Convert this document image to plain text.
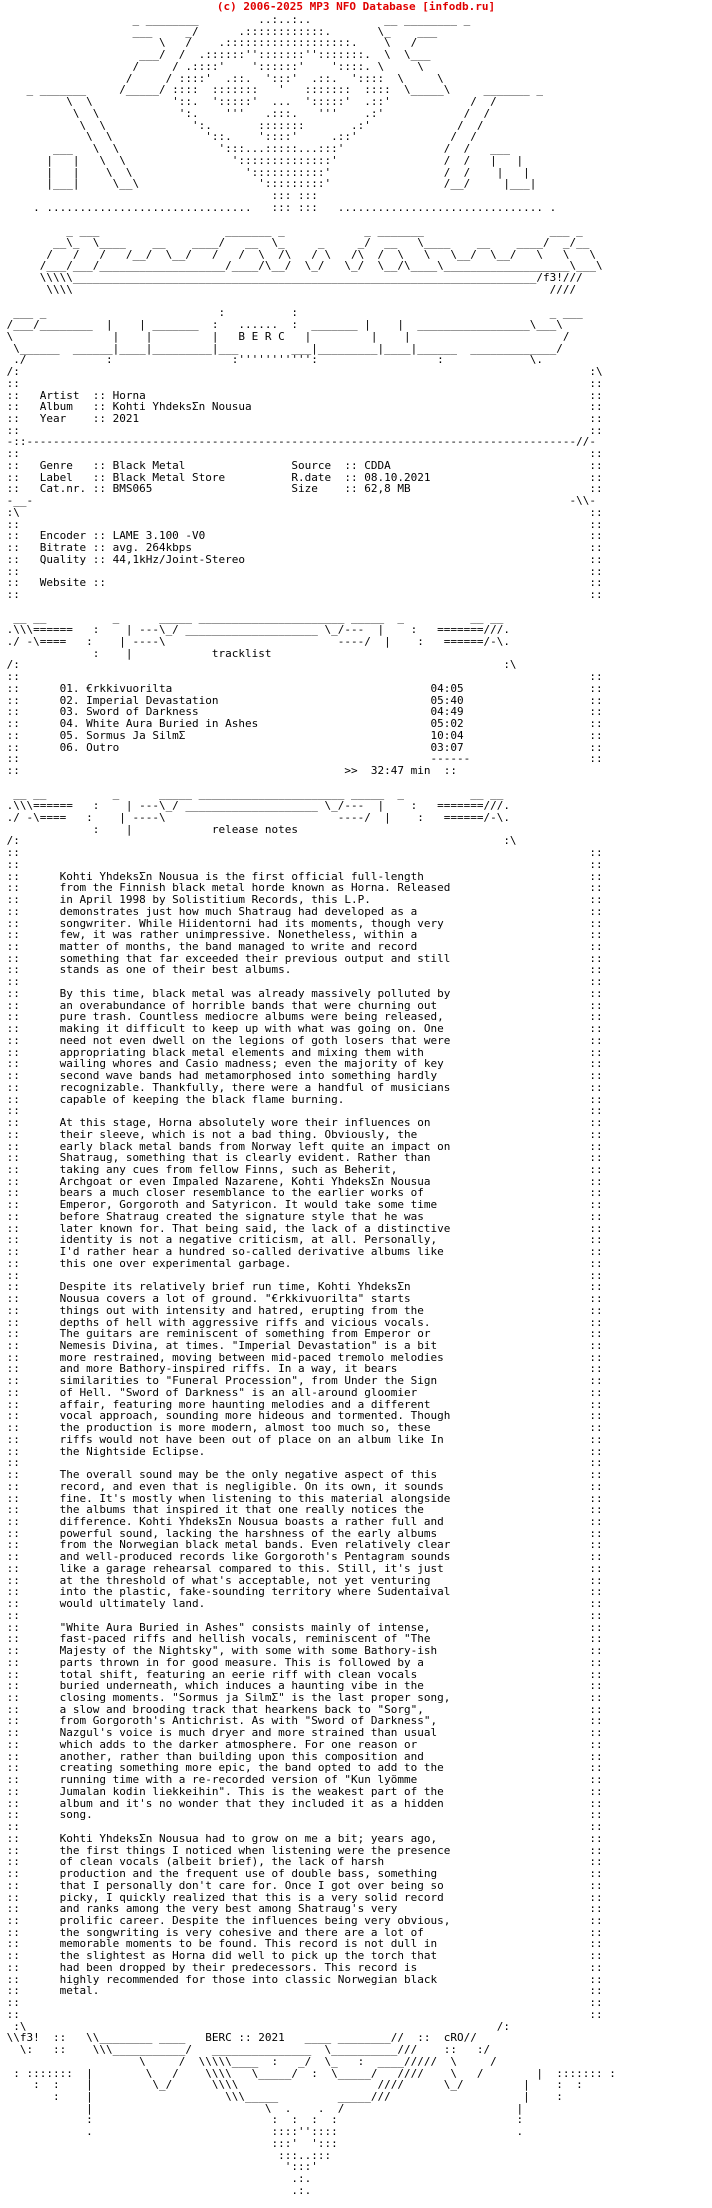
(c) 2006-2025 MP3 NFO Database [infodb.ru]
_ ________         ..:..:..           __ ________ _
___     _/      .::::::::::::.       \_    ___
\   /    .:::::::::::::::::::.    \   /
___/  /  .::::::'':::::::'':::::::.  \  \___
/     / .::::'    '::::::'    '::::. \     \
/     / ::::'  .::.  ':::'  .::.  '::::  \     \
_ _______     /_____/ ::::  :::::::   '   :::::::  ::::  \_____\     _______ _
\  \            '::.  ':::::'  ...  ':::::'  .::'            /  /
\  \            ':.    '''   .:::.   '''    .:'            /  /
\  \             ':.       :::::::       .:'             /  /
\  \              '::.    '::::'     .::'              /  /
___   \  \               ':::...:::::...:::'               /  /   ___
|   |   \  \                '::::::::::::::'                /  /   |   |
|   |    \  \                 ':::::::::::'                 /  /    |   |
|___|     \__\                  ':::::::::'                 /__/     |___|
::: :::
. ...............................   ::: :::   ............................... .

_ ___                   _______ _            _ _______                   ___ _
__\_  \____    __    ____/   __  \_     _     _/  __   \____    __    ____/  _/__
/   /   /   /__/  \__/   /   /  \  /\   / \   /\  /  \   \   \__/  \__/   \   \   \
/___/___/___________________/____/\__/  \_/   \_/  \__/\____\___________________\___\
\\\\\______________________________________________________________________/f3!///
\\\\                                                                        ////

___ _                          :          :                                      _ ___
/___/________  |    | _______  :   ......  :  _______ |    |  _________________\___\
\               |    |         |   B E R C   |         |    |                       /
\______  ______|____|_________|___        ___|_________|____|______  _____________/
./            :                  :''''''''''':                  :             \.
/:                                                                                      :\
::                                                                                      ::
::   Artist  :: Horna                                                                   ::
::   Album   :: Kohti YhdeksΣn Nousua                                                   ::
::   Year    :: 2021                                                                    ::
::                                                                                      ::
-::-----------------------------------------------------------------------------------//-
::                                                                                      ::
::   Genre   :: Black Metal                Source  :: CDDA                              ::
::   Label   :: Black Metal Store          R.date  :: 08.10.2021                        ::
::   Cat.nr. :: BMS065                     Size    :: 62,8 MB                           ::
-__-                                                                                 -\\-
:\                                                                                      ::
::                                                                                      ::
::   Encoder :: LAME 3.100 -V0                                                          ::
::   Bitrate :: avg. 264kbps                                                            ::
::   Quality :: 44,1kHz/Joint-Stereo                                                    ::
::                                                                                      ::
::   Website ::                                                                         ::
::                                                                                      ::

__ __          _      _____ ______________________ _____  _          __ __
.\\\======   :    | ---\_/ ____________________ \_/---  |    :   =======///.
./ -\====   :    | ----\                          ----/  |    :   ======/-\.
:    |            tracklist
/:                                                                         :\
::                                                                                      ::
::      01. €rkkivuorilta                                       04:05                   ::
::      02. Imperial Devastation                                05:40                   ::
::      03. Sword of Darkness                                   04:49                   ::
::      04. White Aura Buried in Ashes                          05:02                   ::
::      05. Sormus Ja SilmΣ                                     10:04                   ::
::      06. Outro                                               03:07                   ::
::                                                              ------                  ::
::                                                 >>  32:47 min  ::

__ __          _      _____ ______________________ _____  _          __ __
.\\\======   :    | ---\_/ ____________________ \_/---  |    :   =======///.
./ -\====   :    | ----\                          ----/  |    :   ======/-\.
:    |            release notes
/:                                                                         :\
::                                                                                      ::
::                                                                                      ::
::      Kohti YhdeksΣn Nousua is the first official full-length                         ::
::      from the Finnish black metal horde known as Horna. Released                     ::
::      in April 1998 by Solistitium Records, this L.P.                                 ::
::      demonstrates just how much Shatraug had developed as a                          ::
::      songwriter. While Hiidentorni had its moments, though very                      ::
::      few, it was rather unimpressive. Nonetheless, within a                          ::
::      matter of months, the band managed to write and record                          ::
::      something that far exceeded their previous output and still                     ::
::      stands as one of their best albums.                                             ::
::                                                                                      ::
::      By this time, black metal was already massively polluted by                     ::
::      an overabundance of horrible bands that were churning out                       ::
::      pure trash. Countless mediocre albums were being released,                      ::
::      making it difficult to keep up with what was going on. One                      ::
::      need not even dwell on the legions of goth losers that were                     ::
::      appropriating black metal elements and mixing them with                         ::
::      wailing whores and Casio madness; even the majority of key                      ::
::      second wave bands had metamorphosed into something hardly                       ::
::      recognizable. Thankfully, there were a handful of musicians                     ::
::      capable of keeping the black flame burning.                                     ::
::                                                                                      ::
::      At this stage, Horna absolutely wore their influences on                        ::
::      their sleeve, which is not a bad thing. Obviously, the                          ::
::      early black metal bands from Norway left quite an impact on                     ::
::      Shatraug, something that is clearly evident. Rather than                        ::
::      taking any cues from fellow Finns, such as Beherit,                             ::
::      Archgoat or even Impaled Nazarene, Kohti YhdeksΣn Nousua                        ::
::      bears a much closer resemblance to the earlier works of                         ::
::      Emperor, Gorgoroth and Satyricon. It would take some time                       ::
::      before Shatraug created the signature style that he was                         ::
::      later known for. That being said, the lack of a distinctive                     ::
::      identity is not a negative criticism, at all. Personally,                       ::
::      I'd rather hear a hundred so-called derivative albums like                      ::
::      this one over experimental garbage.                                             ::
::                                                                                      ::
::      Despite its relatively brief run time, Kohti YhdeksΣn                           ::
::      Nousua covers a lot of ground. "€rkkivuorilta" starts                           ::
::      things out with intensity and hatred, erupting from the                         ::
::      depths of hell with aggressive riffs and vicious vocals.                        ::
::      The guitars are reminiscent of something from Emperor or                        ::
::      Nemesis Divina, at times. "Imperial Devastation" is a bit                       ::
::      more restrained, moving between mid-paced tremolo melodies                      ::
::      and more Bathory-inspired riffs. In a way, it bears                             ::
::      similarities to "Funeral Procession", from Under the Sign                       ::
::      of Hell. "Sword of Darkness" is an all-around gloomier                          ::
::      affair, featuring more haunting melodies and a different                        ::
::      vocal approach, sounding more hideous and tormented. Though                     ::
::      the production is more modern, almost too much so, these                        ::
::      riffs would not have been out of place on an album like In                      ::
::      the Nightside Eclipse.                                                          ::
::                                                                                      ::
::      The overall sound may be the only negative aspect of this                       ::
::      record, and even that is negligible. On its own, it sounds                      ::
::      fine. It's mostly when listening to this material alongside                     ::
::      the albums that inspired it that one really notices the                         ::
::      difference. Kohti YhdeksΣn Nousua boasts a rather full and                      ::
::      powerful sound, lacking the harshness of the early albums                       ::
::      from the Norwegian black metal bands. Even relatively clear                     ::
::      and well-produced records like Gorgoroth's Pentagram sounds                     ::
::      like a garage rehearsal compared to this. Still, it's just                      ::
::      at the threshold of what's acceptable, not yet venturing                        ::
::      into the plastic, fake-sounding territory where Sudentaival                     ::
::      would ultimately land.                                                          ::
::                                                                                      ::
::      "White Aura Buried in Ashes" consists mainly of intense,                        ::
::      fast-paced riffs and hellish vocals, reminiscent of "The                        ::
::      Majesty of the Nightsky", with some with some Bathory-ish                       ::
::      parts thrown in for good measure. This is followed by a                         ::
::      total shift, featuring an eerie riff with clean vocals                          ::
::      buried underneath, which induces a haunting vibe in the                         ::
::      closing moments. "Sormus ja SilmΣ" is the last proper song,                     ::
::      a slow and brooding track that hearkens back to "Sorg",                         ::
::      from Gorgoroth's Antichrist. As with "Sword of Darkness",                       ::
::      Nazgul's voice is much dryer and more strained than usual                       ::
::      which adds to the darker atmosphere. For one reason or                          ::
::      another, rather than building upon this composition and                         ::
::      creating something more epic, the band opted to add to the                      ::
::      running time with a re-recorded version of "Kun lyömme                          ::
::      Jumalan kodin liekkeihin". This is the weakest part of the                      ::
::      album and it's no wonder that they included it as a hidden                      ::
::      song.                                                                           ::
::                                                                                      ::
::      Kohti YhdeksΣn Nousua had to grow on me a bit; years ago,                       ::
::      the first things I noticed when listening were the presence                     ::
::      of clean vocals (albeit brief), the lack of harsh                               ::
::      production and the frequent use of double bass, something                       ::
::      that I personally don't care for. Once I got over being so                      ::
::      picky, I quickly realized that this is a very solid record                      ::
::      and ranks among the very best among Shatraug's very                             ::
::      prolific career. Despite the influences being very obvious,                     ::
::      the songwriting is very cohesive and there are a lot of                         ::
::      memorable moments to be found. This record is not dull in                       ::
::      the slightest as Horna did well to pick up the torch that                       ::
::      had been dropped by their predecessors. This record is                          ::
::      highly recommended for those into classic Norwegian black                       ::
::      metal.                                                                          ::
::                                                                                      ::
::                                                                                      ::
:\                                                                       /:
\\f3!  ::   \\________ ____   BERC :: 2021   ____ ________//  ::  cRO//
\:   ::    \\\___________/   _______________  \__________///    ::   :/
\     /  \\\\\____  :   _/  \_   :  ____/////  \     /
: :::::::  |        \   /    \\\\   \_____/  :  \_____/   ////    \   /        |  ::::::: :
:  :    |         \_/      \\\\                     ////      \_/         |    :  :
:    |                    \\\_____         _____///                    |    :
|                          \  .    .  /                          |
:                           :  :  :  :                           :
.                           ::::''::::                           .
:::'  ':::
:::..:::
':::'
.:.
.:.
